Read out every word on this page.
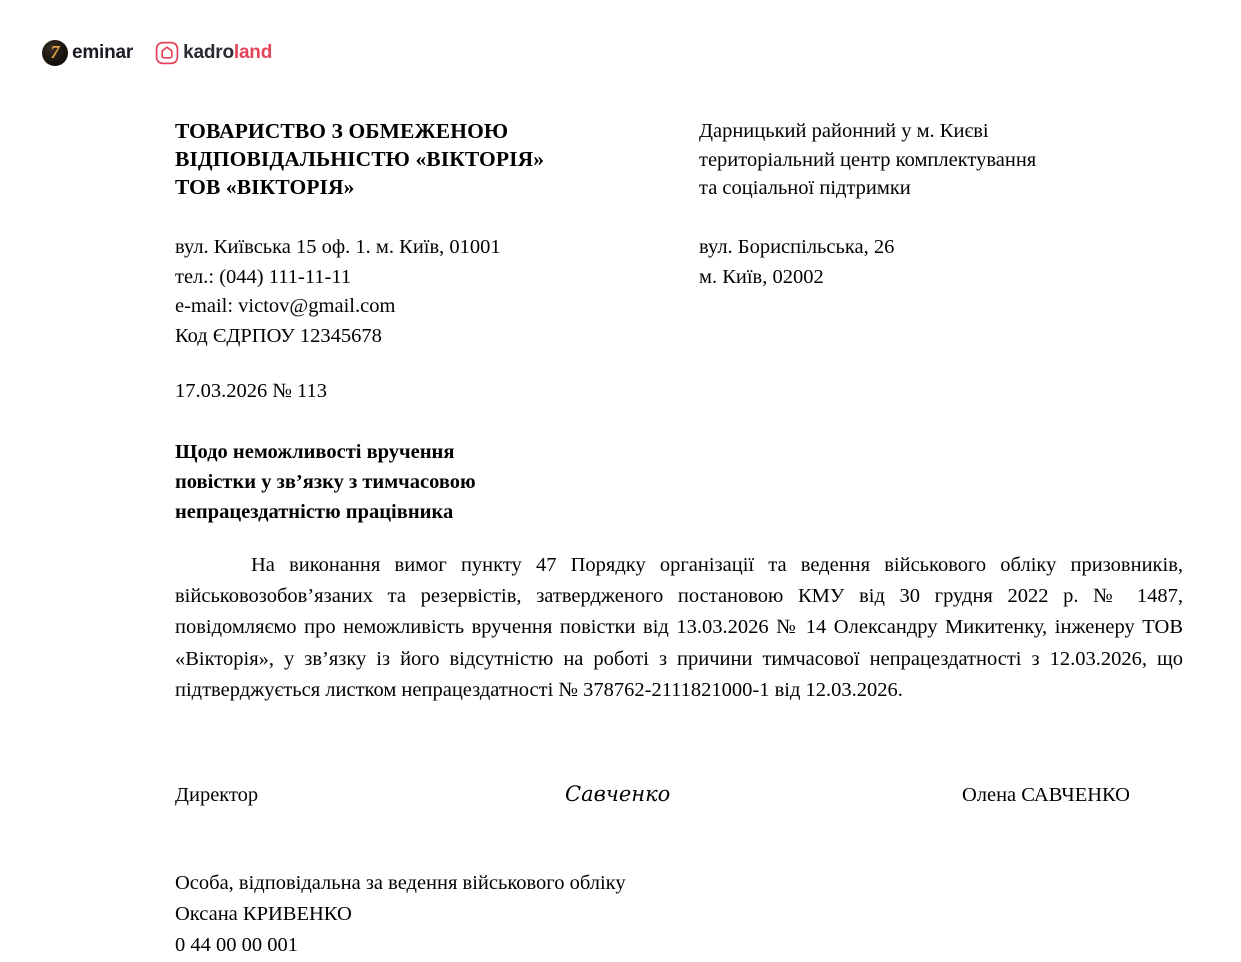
7 eminar	kadroland
ТОВАРИСТВО З ОБМЕЖЕНОЮ
ВІДПОВІДАЛЬНІСТЮ «ВІКТОРІЯ»
ТОВ «ВІКТОРІЯ»
Дарницький районний у м. Києві
територіальний центр комплектування
та соціальної підтримки
вул. Київська 15 оф. 1. м. Київ, 01001
тел.: (044) 111-11-11
e-mail: victov@gmail.com
Код ЄДРПОУ 12345678
вул. Бориспільська, 26
м. Київ, 02002
17.03.2026 № 113
Щодо неможливості вручення
повістки у зв’язку з тимчасовою
непрацездатністю працівника
На виконання вимог пункту 47 Порядку організації та ведення військового обліку призовників, військовозобов’язаних та резервістів, затвердженого постановою КМУ від 30 грудня 2022 р. № 1487, повідомляємо про неможливість вручення повістки від 13.03.2026 № 14 Олександру Микитенку, інженеру ТОВ «Вікторія», у зв’язку із його відсутністю на роботі з причини тимчасової непрацездатності з 12.03.2026, що підтверджується листком непрацездатності № 378762-2111821000-1 від 12.03.2026.
Директор	Савченко	Олена САВЧЕНКО
Особа, відповідальна за ведення військового обліку
Оксана КРИВЕНКО
0 44 00 00 001
